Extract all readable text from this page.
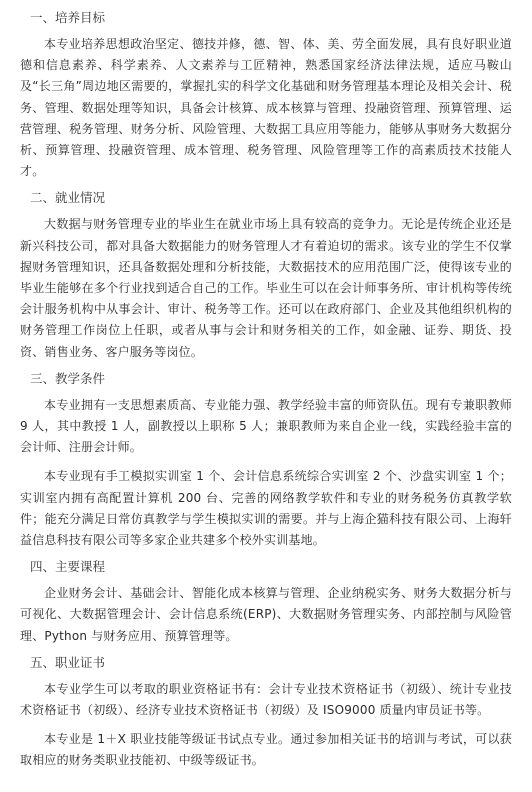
一、培养目标

本专业培养思想政治坚定、德技并修，德、智、体、美、劳全面发展，具有良好职业道德和信息素养、科学素养、人文素养与工匠精神，熟悉国家经济法律法规，适应马鞍山及“长三角”周边地区需要的，掌握扎实的科学文化基础和财务管理基本理论及相关会计、税务、管理、数据处理等知识，具备会计核算、成本核算与管理、投融资管理、预算管理、运营管理、税务管理、财务分析、风险管理、大数据工具应用等能力，能够从事财务大数据分析、预算管理、投融资管理、成本管理、税务管理、风险管理等工作的高素质技术技能人才。

二、就业情况

大数据与财务管理专业的毕业生在就业市场上具有较高的竞争力。无论是传统企业还是新兴科技公司，都对具备大数据能力的财务管理人才有着迫切的需求。该专业的学生不仅掌握财务管理知识，还具备数据处理和分析技能，大数据技术的应用范围广泛，使得该专业的毕业生能够在多个行业找到适合自己的工作。毕业生可以在会计师事务所、审计机构等传统会计服务机构中从事会计、审计、税务等工作。还可以在政府部门、企业及其他组织机构的财务管理工作岗位上任职，或者从事与会计和财务相关的工作，如金融、证券、期货、投资、销售业务、客户服务等岗位。

三、教学条件

本专业拥有一支思想素质高、专业能力强、教学经验丰富的师资队伍。现有专兼职教师 9 人，其中教授 1 人，副教授以上职称 5 人；兼职教师为来自企业一线，实践经验丰富的会计师、注册会计师。

本专业现有手工模拟实训室 1 个、会计信息系统综合实训室 2 个、沙盘实训室 1 个；实训室内拥有高配置计算机 200 台、完善的网络教学软件和专业的财务税务仿真教学软件；能充分满足日常仿真教学与学生模拟实训的需要。并与上海企猫科技有限公司、上海轩益信息科技有限公司等多家企业共建多个校外实训基地。

四、主要课程

企业财务会计、基础会计、智能化成本核算与管理、企业纳税实务、财务大数据分析与可视化、大数据管理会计、会计信息系统(ERP)、大数据财务管理实务、内部控制与风险管理、Python 与财务应用、预算管理等。

五、职业证书

本专业学生可以考取的职业资格证书有：会计专业技术资格证书（初级）、统计专业技术资格证书（初级）、经济专业技术资格证书（初级）及 ISO9000 质量内审员证书等。

本专业是 1＋X 职业技能等级证书试点专业。通过参加相关证书的培训与考试，可以获取相应的财务类职业技能初、中级等级证书。
